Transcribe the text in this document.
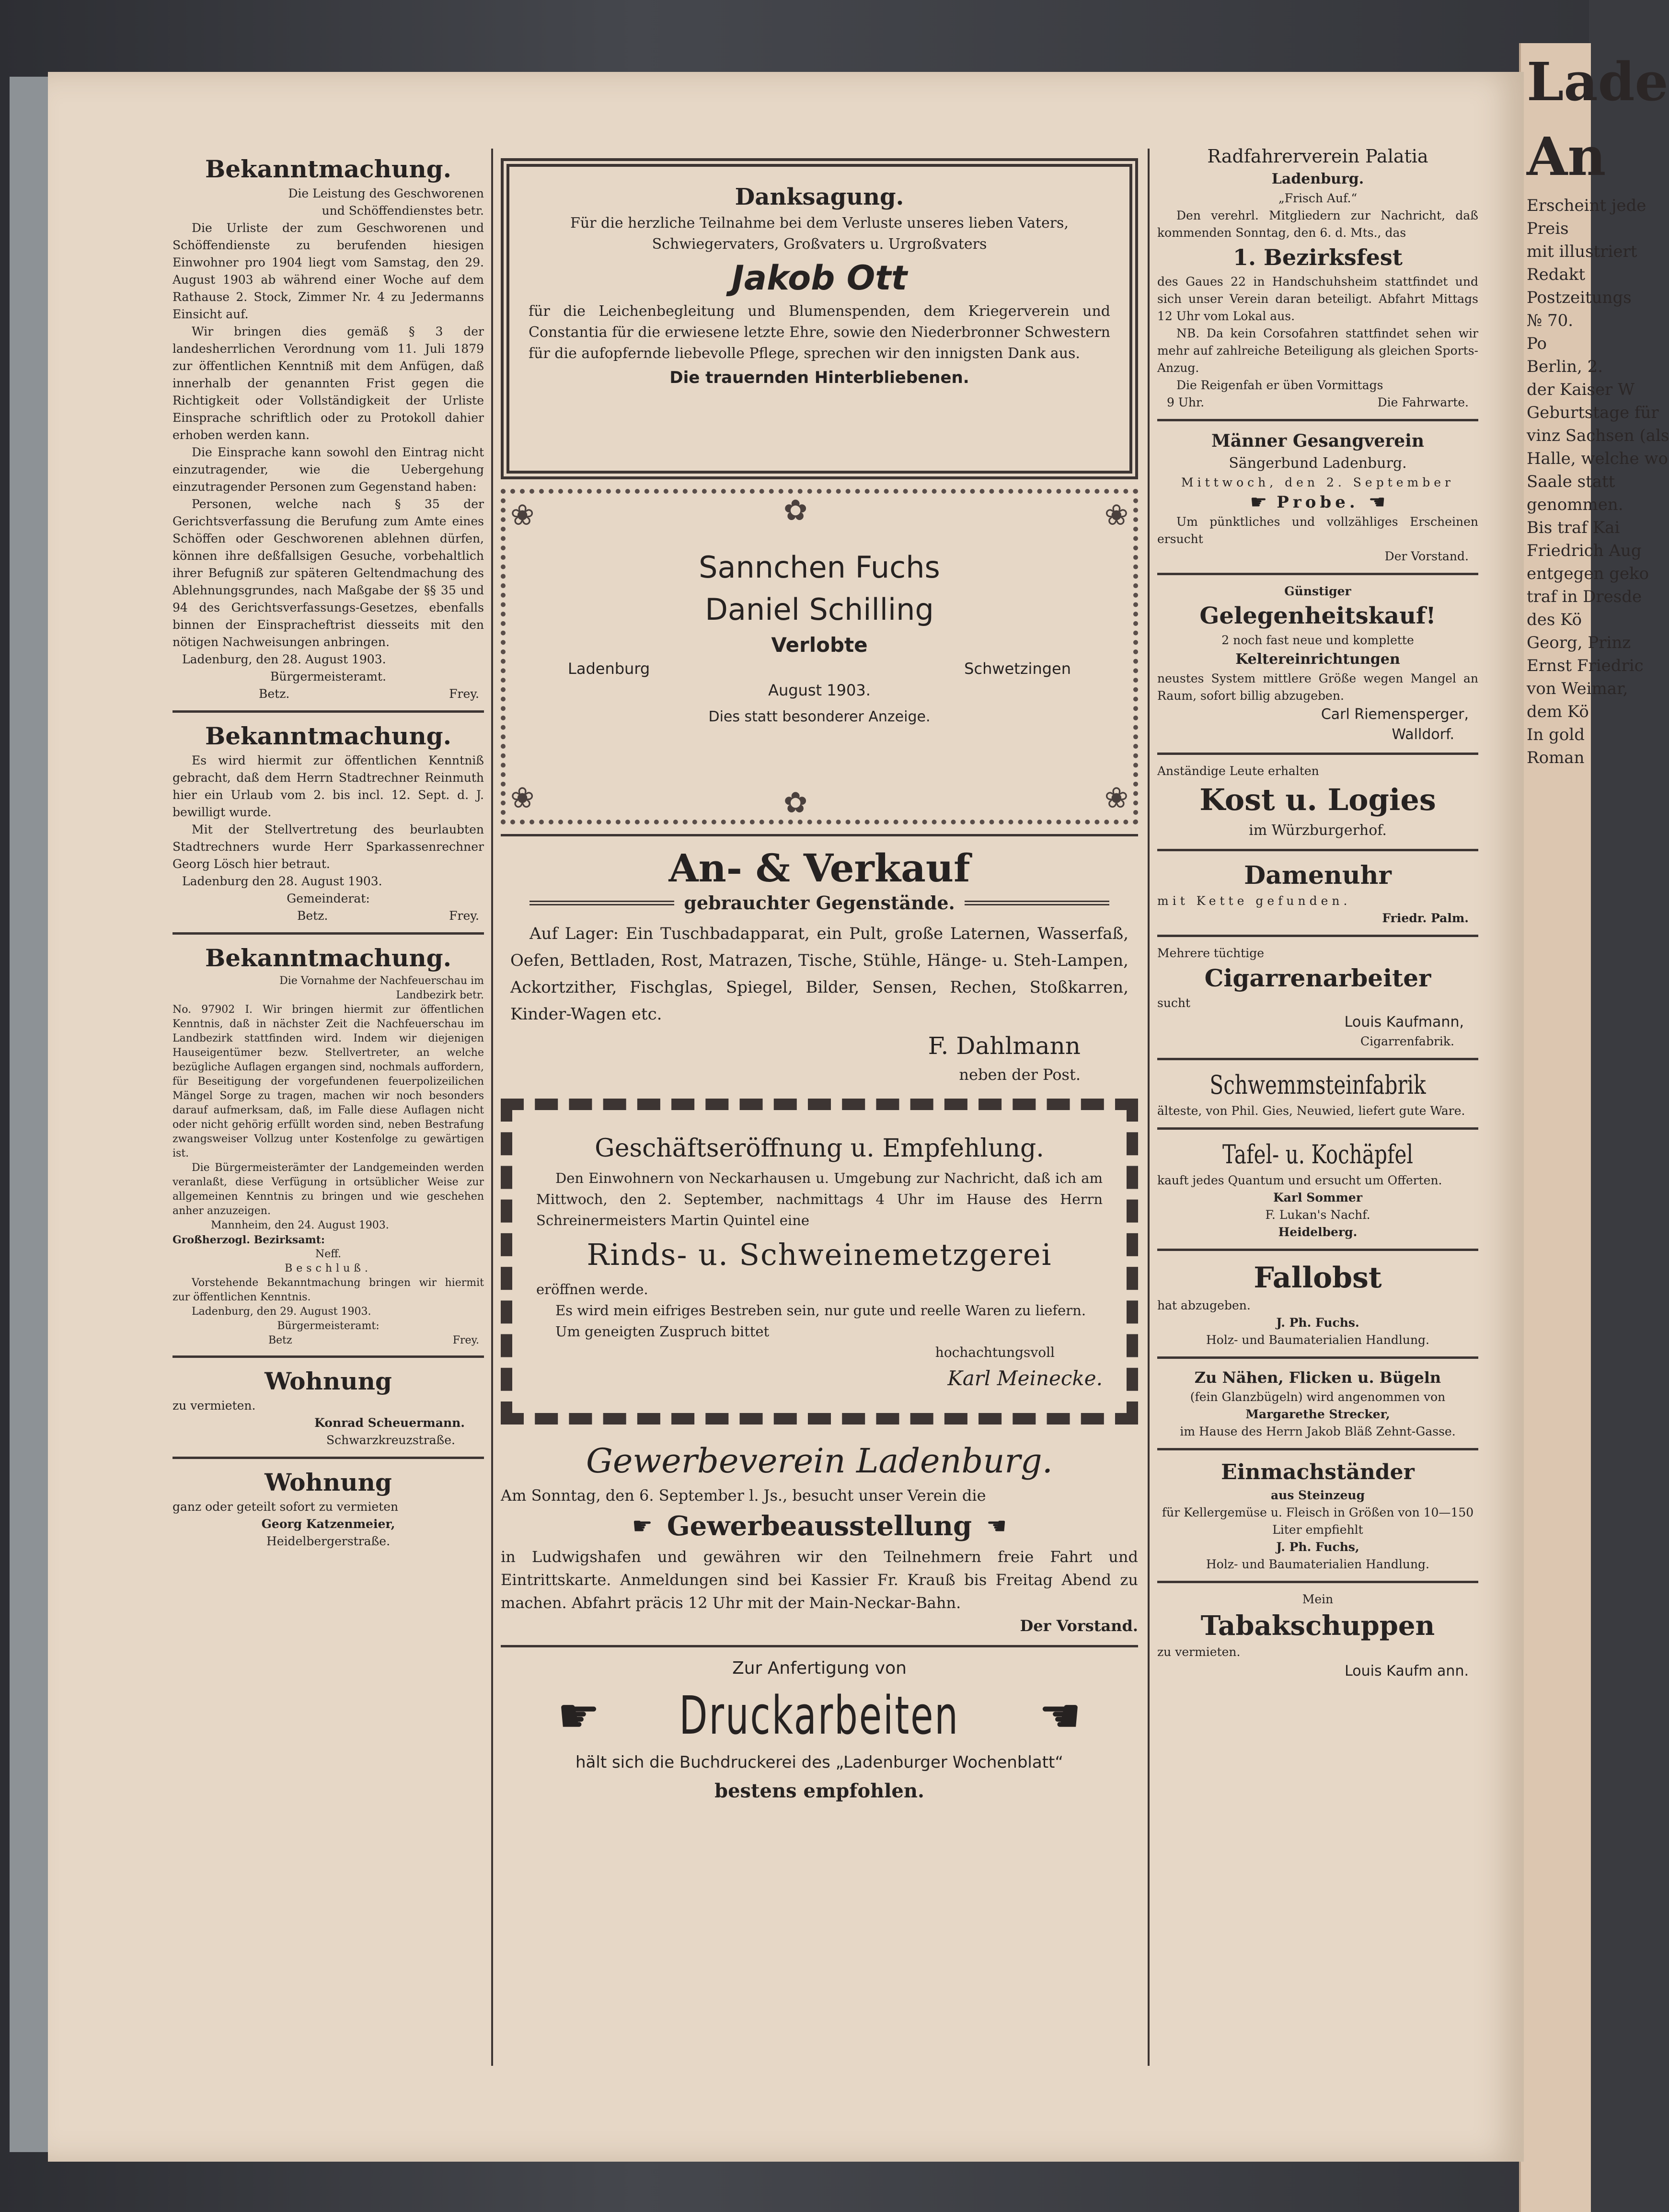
Lade
An
Erscheint jede
Preis
mit illustriert
Redakt
Postzeitungs
№ 70.
Po
Berlin, 2.
der Kaiser W
Geburtstage für
vinz Sachsen (als
Halle, welche wo
Saale statt
genommen.
Bis traf Kai
Friedrich Aug
entgegen geko
traf in Dresde
des Kö
Georg, Prinz
Ernst Friedric
von Weimar,
dem Kö
In gold
Roman

Bekanntmachung.

Die Leistung des Geschworenen und Schöffendienstes betr.

Die Urliste der zum Geschworenen und Schöffendienste zu berufenden hiesigen Einwohner pro 1904 liegt vom Samstag, den 29. August 1903 ab während einer Woche auf dem Rathause 2. Stock, Zimmer Nr. 4 zu Jedermanns Einsicht auf.

Wir bringen dies gemäß § 3 der landesherrlichen Verordnung vom 11. Juli 1879 zur öffentlichen Kenntniß mit dem Anfügen, daß innerhalb der genannten Frist gegen die Richtigkeit oder Vollständigkeit der Urliste Einsprache schriftlich oder zu Protokoll dahier erhoben werden kann.

Die Einsprache kann sowohl den Eintrag nicht einzutragender, wie die Uebergehung einzutragender Personen zum Gegenstand haben:

Personen, welche nach § 35 der Gerichtsverfassung die Berufung zum Amte eines Schöffen oder Geschworenen ablehnen dürfen, können ihre deßfallsigen Gesuche, vorbehaltlich ihrer Befugniß zur späteren Geltendmachung des Ablehnungsgrundes, nach Maßgabe der §§ 35 und 94 des Gerichtsverfassungs-Gesetzes, ebenfalls binnen der Einspracheftrist diesseits mit den nötigen Nachweisungen anbringen.

Ladenburg, den 28. August 1903.

Bürgermeisteramt.

Betz.	Frey.

Bekanntmachung.

Es wird hiermit zur öffentlichen Kenntniß gebracht, daß dem Herrn Stadtrechner Reinmuth hier ein Urlaub vom 2. bis incl. 12. Sept. d. J. bewilligt wurde.

Mit der Stellvertretung des beurlaubten Stadtrechners wurde Herr Sparkassenrechner Georg Lösch hier betraut.

Ladenburg den 28. August 1903.

Gemeinderat:

Betz.	Frey.

Bekanntmachung.

Die Vornahme der Nachfeuerschau im Landbezirk betr.

No. 97902 I. Wir bringen hiermit zur öffentlichen Kenntnis, daß in nächster Zeit die Nachfeuerschau im Landbezirk stattfinden wird. Indem wir diejenigen Hauseigentümer bezw. Stellvertreter, an welche bezügliche Auflagen ergangen sind, nochmals auffordern, für Beseitigung der vorgefundenen feuerpolizeilichen Mängel Sorge zu tragen, machen wir noch besonders darauf aufmerksam, daß, im Falle diese Auflagen nicht oder nicht gehörig erfüllt worden sind, neben Bestrafung zwangsweiser Vollzug unter Kostenfolge zu gewärtigen ist.

Die Bürgermeisterämter der Landgemeinden werden veranlaßt, diese Verfügung in ortsüblicher Weise zur allgemeinen Kenntnis zu bringen und wie geschehen anher anzuzeigen.

Mannheim, den 24. August 1903.

Großherzogl. Bezirksamt:

Neff.

Beschluß.

Vorstehende Bekanntmachung bringen wir hiermit zur öffentlichen Kenntnis.

Ladenburg, den 29. August 1903.

Bürgermeisteramt:

Betz	Frey.

Wohnung

zu vermieten.

Konrad Scheuermann.

Schwarzkreuzstraße.

Wohnung

ganz oder geteilt sofort zu vermieten

Georg Katzenmeier,

Heidelbergerstraße.

Danksagung.

Für die herzliche Teilnahme bei dem Verluste unseres lieben Vaters, Schwiegervaters, Großvaters u. Urgroßvaters

Jakob Ott

für die Leichenbegleitung und Blumenspenden, dem Kriegerverein und Constantia für die erwiesene letzte Ehre, sowie den Niederbronner Schwestern für die aufopfernde liebevolle Pflege, sprechen wir den innigsten Dank aus.

Die trauernden Hinterbliebenen.

❀	❀
❀	❀
✿
✿

Sannchen Fuchs

Daniel Schilling

Verlobte

Ladenburg	Schwetzingen

August 1903.

Dies statt besonderer Anzeige.

An- & Verkauf

gebrauchter Gegenstände.

Auf Lager: Ein Tuschbadapparat, ein Pult, große Laternen, Wasserfaß, Oefen, Bettladen, Rost, Matrazen, Tische, Stühle, Hänge- u. Steh-Lampen, Ackortzither, Fischglas, Spiegel, Bilder, Sensen, Rechen, Stoßkarren, Kinder-Wagen etc.

F. Dahlmann

neben der Post.

Geschäftseröffnung u. Empfehlung.

Den Einwohnern von Neckarhausen u. Umgebung zur Nachricht, daß ich am Mittwoch, den 2. September, nachmittags 4 Uhr im Hause des Herrn Schreinermeisters Martin Quintel eine

Rinds- u. Schweinemetzgerei

eröffnen werde.

Es wird mein eifriges Bestreben sein, nur gute und reelle Waren zu liefern.

Um geneigten Zuspruch bittet

hochachtungsvoll

Karl Meinecke.

Gewerbeverein Ladenburg.

Am Sonntag, den 6. September l. Js., besucht unser Verein die

☛ Gewerbeausstellung ☚

in Ludwigshafen und gewähren wir den Teilnehmern freie Fahrt und Eintrittskarte. Anmeldungen sind bei Kassier Fr. Krauß bis Freitag Abend zu machen. Abfahrt präcis 12 Uhr mit der Main-Neckar-Bahn.

Der Vorstand.

Zur Anfertigung von

☛ Druckarbeiten ☚

hält sich die Buchdruckerei des „Ladenburger Wochenblatt“

bestens empfohlen.

Radfahrerverein Palatia

Ladenburg.

„Frisch Auf.“

Den verehrl. Mitgliedern zur Nachricht, daß kommenden Sonntag, den 6. d. Mts., das

1. Bezirksfest

des Gaues 22 in Handschuhsheim stattfindet und sich unser Verein daran beteiligt. Abfahrt Mittags 12 Uhr vom Lokal aus.

NB. Da kein Corsofahren stattfindet sehen wir mehr auf zahlreiche Beteiligung als gleichen Sports-Anzug.

Die Reigenfah er üben Vormittags

9 Uhr.	Die Fahrwarte.

Männer Gesangverein

Sängerbund Ladenburg.

Mittwoch, den 2. September

☛ Probe. ☚

Um pünktliches und vollzähliges Erscheinen ersucht

Der Vorstand.

Günstiger

Gelegenheitskauf!

2 noch fast neue und komplette

Keltereinrichtungen

neustes System mittlere Größe wegen Mangel an Raum, sofort billig abzugeben.

Carl Riemensperger,

Walldorf.

Anständige Leute erhalten

Kost u. Logies

im Würzburgerhof.

Damenuhr

mit Kette gefunden.

Friedr. Palm.

Mehrere tüchtige

Cigarrenarbeiter

sucht

Louis Kaufmann,

Cigarrenfabrik.

Schwemmsteinfabrik

älteste, von Phil. Gies, Neuwied, liefert gute Ware.

Tafel- u. Kochäpfel

kauft jedes Quantum und ersucht um Offerten.

Karl Sommer

F. Lukan's Nachf.

Heidelberg.

Fallobst

hat abzugeben.

J. Ph. Fuchs.

Holz- und Baumaterialien Handlung.

Zu Nähen, Flicken u. Bügeln

(fein Glanzbügeln) wird angenommen von

Margarethe Strecker,

im Hause des Herrn Jakob Bläß Zehnt-Gasse.

Einmachständer

aus Steinzeug

für Kellergemüse u. Fleisch in Größen von 10—150 Liter empfiehlt

J. Ph. Fuchs,

Holz- und Baumaterialien Handlung.

Mein

Tabakschuppen

zu vermieten.

Louis Kaufm ann.
